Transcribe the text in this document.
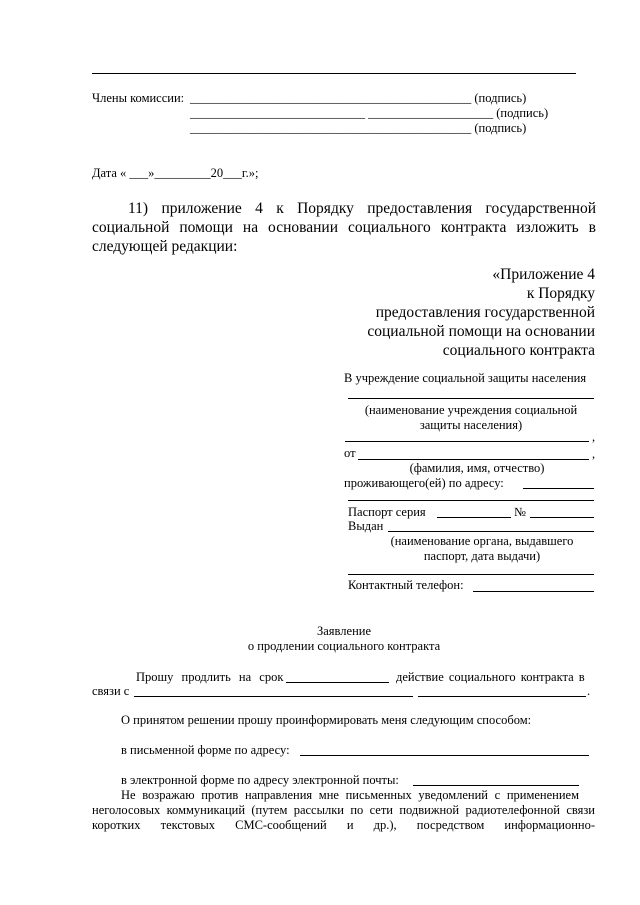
Члены комиссии: _____________________________________________ (подпись)
____________________________ ____________________ (подпись)
_____________________________________________ (подпись)
Дата « ___»_________20___г.»;
11) приложение 4 к Порядку предоставления государственной
социальной помощи на основании социального контракта изложить в
следующей редакции:
«Приложение 4
к Порядку
предоставления государственной
социальной помощи на основании
социального контракта
В учреждение социальной защиты населения
(наименование учреждения социальной
защиты населения)
,
от	,
(фамилия, имя, отчество)
проживающего(ей) по адресу:
Паспорт серия	№
Выдан
(наименование органа, выдавшего
паспорт, дата выдачи)
Контактный телефон:
Заявление
о продлении социального контракта
Прошу продлить на срок	действие социального контракта в
связи с	.
О принятом решении прошу проинформировать меня следующим способом:
в письменной форме по адресу:
в электронной форме по адресу электронной почты:
Не возражаю против направления мне письменных уведомлений с применением
неголосовых коммуникаций (путем рассылки по сети подвижной радиотелефонной связи
коротких текстовых СМС-сообщений и др.), посредством информационно-
